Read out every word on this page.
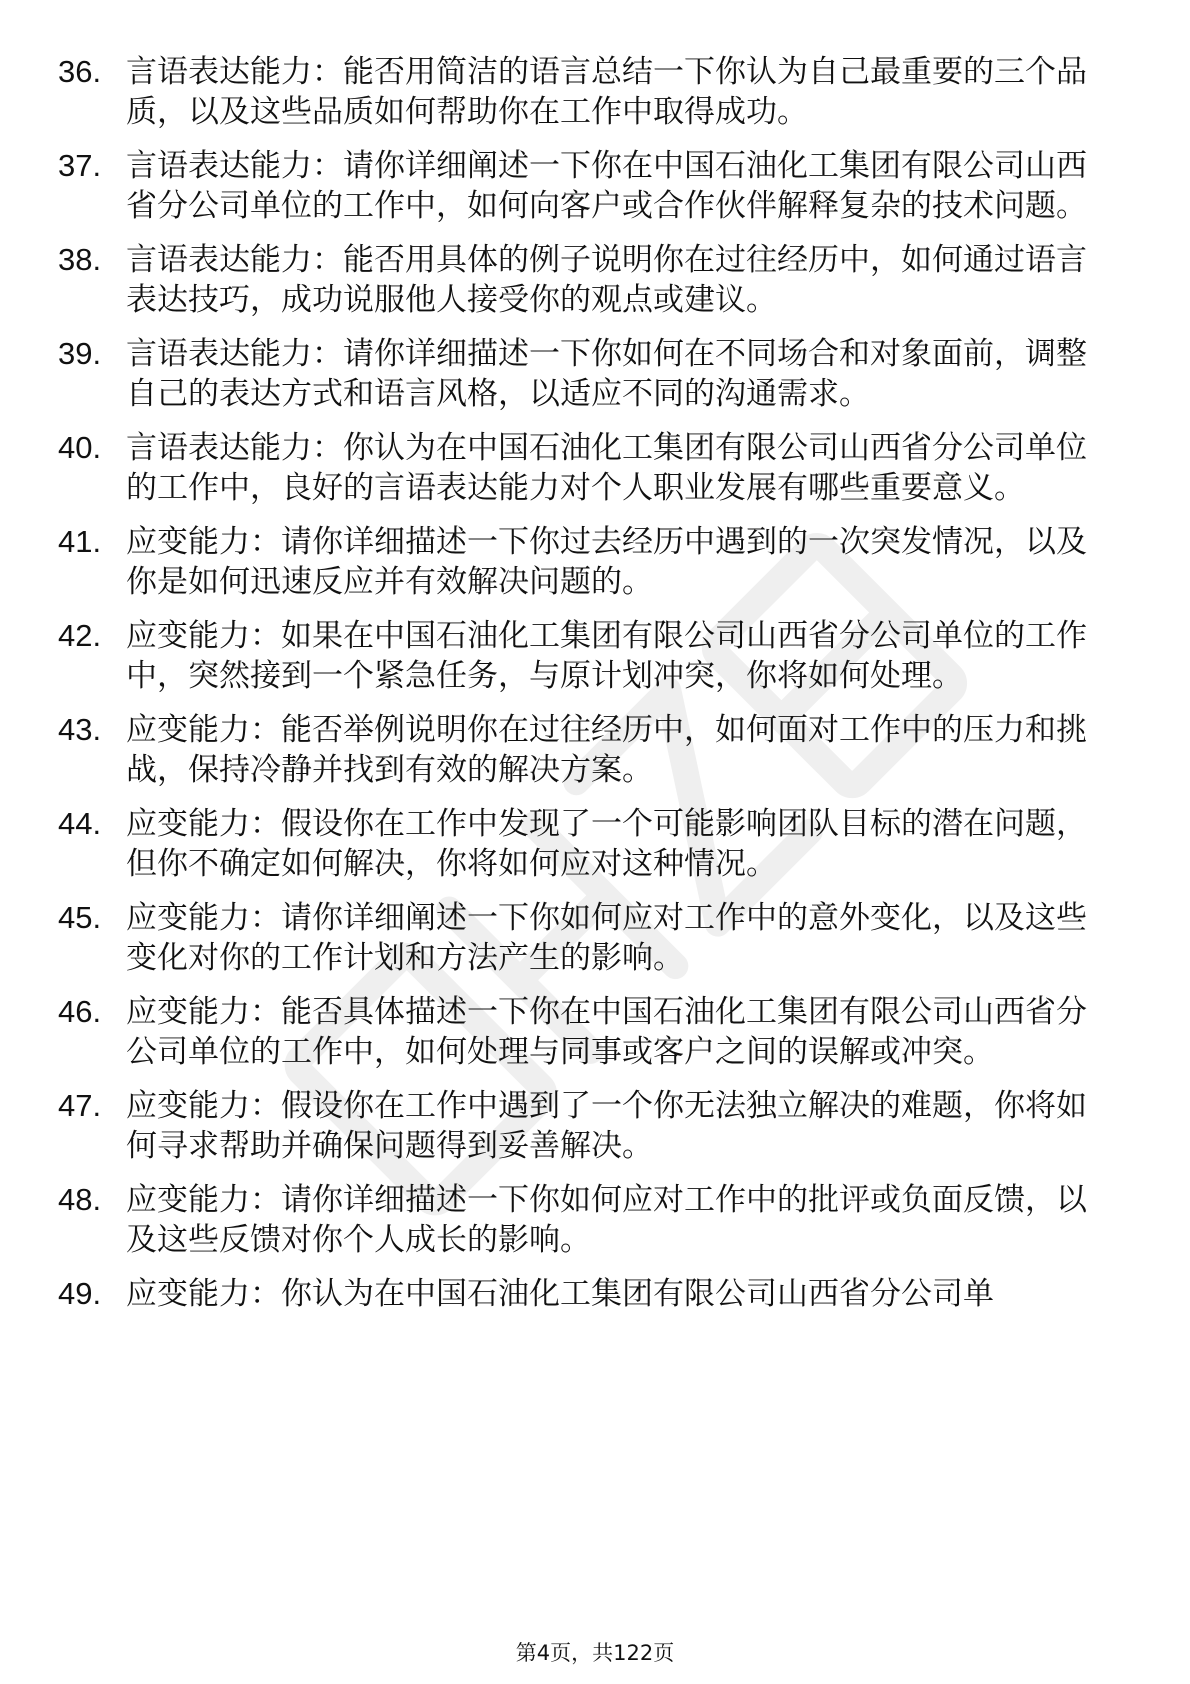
36. 言语表达能力：能否用简洁的语言总结一下你认为自己最重要的三个品质，以及这些品质如何帮助你在工作中取得成功。
37. 言语表达能力：请你详细阐述一下你在中国石油化工集团有限公司山西省分公司单位的工作中，如何向客户或合作伙伴解释复杂的技术问题。
38. 言语表达能力：能否用具体的例子说明你在过往经历中，如何通过语言表达技巧，成功说服他人接受你的观点或建议。
39. 言语表达能力：请你详细描述一下你如何在不同场合和对象面前，调整自己的表达方式和语言风格，以适应不同的沟通需求。
40. 言语表达能力：你认为在中国石油化工集团有限公司山西省分公司单位的工作中，良好的言语表达能力对个人职业发展有哪些重要意义。
41. 应变能力：请你详细描述一下你过去经历中遇到的一次突发情况，以及你是如何迅速反应并有效解决问题的。
42. 应变能力：如果在中国石油化工集团有限公司山西省分公司单位的工作中，突然接到一个紧急任务，与原计划冲突，你将如何处理。
43. 应变能力：能否举例说明你在过往经历中，如何面对工作中的压力和挑战，保持冷静并找到有效的解决方案。
44. 应变能力：假设你在工作中发现了一个可能影响团队目标的潜在问题，但你不确定如何解决，你将如何应对这种情况。
45. 应变能力：请你详细阐述一下你如何应对工作中的意外变化，以及这些变化对你的工作计划和方法产生的影响。
46. 应变能力：能否具体描述一下你在中国石油化工集团有限公司山西省分公司单位的工作中，如何处理与同事或客户之间的误解或冲突。
47. 应变能力：假设你在工作中遇到了一个你无法独立解决的难题，你将如何寻求帮助并确保问题得到妥善解决。
48. 应变能力：请你详细描述一下你如何应对工作中的批评或负面反馈，以及这些反馈对你个人成长的影响。
49. 应变能力：你认为在中国石油化工集团有限公司山西省分公司单
第4页，共122页
